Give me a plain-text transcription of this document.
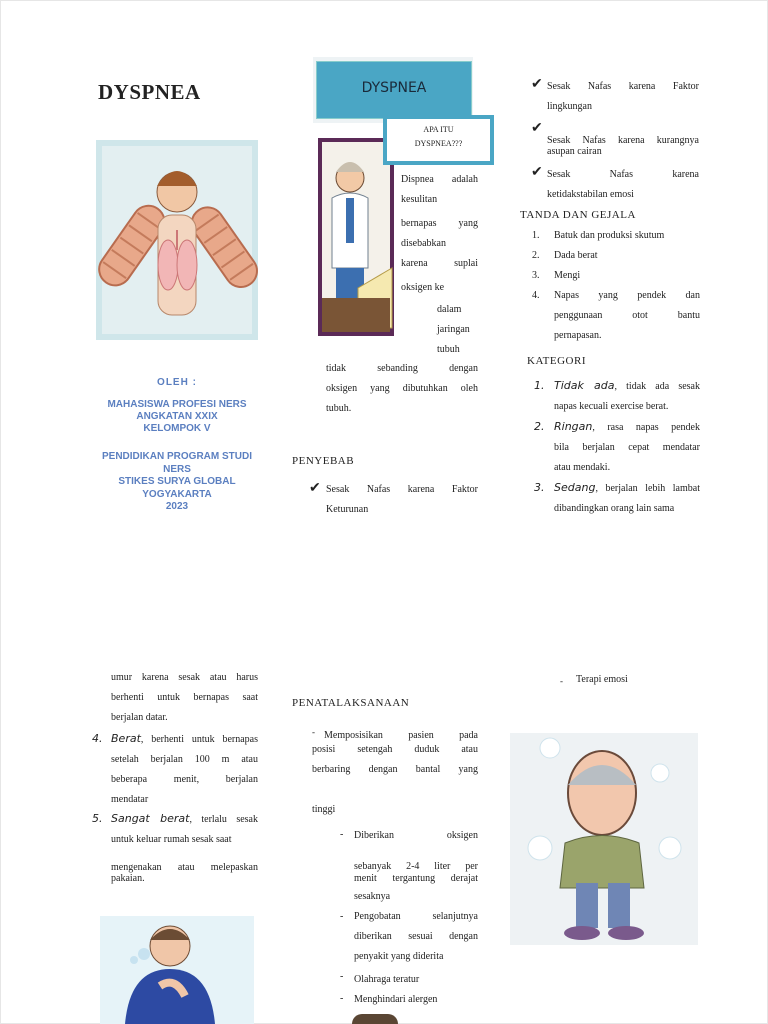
DYSPNEA
OLEH :
MAHASISWA PROFESI NERS
ANGKATAN XXIX
KELOMPOK V
PENDIDIKAN PROGRAM STUDI NERS
STIKES SURYA GLOBAL
YOGYAKARTA
2023
DYSPNEA
APA ITU
DYSPNEA???
Dispnea adalah
kesulitan
bernapas yang
disebabkan
karena suplai
oksigen ke
dalam
jaringan
tubuh
tidak sebanding dengan
oksigen yang dibutuhkan oleh
tubuh.
PENYEBAB
✔ Sesak Nafas karena Faktor
Keturunan
✔ Sesak Nafas karena Faktor
lingkungan
✔
Sesak Nafas karena kurangnya
asupan cairan
✔ Sesak Nafas karena
ketidakstabilan emosi
TANDA DAN GEJALA
1. Batuk dan produksi skutum
2. Dada berat
3. Mengi
4. Napas yang pendek dan
penggunaan otot bantu
pernapasan.
KATEGORI
1. Tidak ada, tidak ada sesak
napas kecuali exercise berat.
2. Ringan, rasa napas pendek
bila berjalan cepat mendatar
atau mendaki.
3. Sedang, berjalan lebih lambat
dibandingkan orang lain sama
umur karena sesak atau harus
berhenti untuk bernapas saat
berjalan datar.
4. Berat, berhenti untuk bernapas
setelah berjalan 100 m atau
beberapa menit, berjalan
mendatar
5. Sangat berat, terlalu sesak
untuk keluar rumah sesak saat
mengenakan atau melepaskan
pakaian.
PENATALAKSANAAN
- Memposisikan pasien pada
posisi setengah duduk atau
berbaring dengan bantal yang
tinggi
- Diberikan oksigen
sebanyak 2-4 liter per
menit tergantung derajat
sesaknya
- Pengobatan selanjutnya
diberikan sesuai dengan
penyakit yang diderita
- Olahraga teratur
- Menghindari alergen
- Terapi emosi
